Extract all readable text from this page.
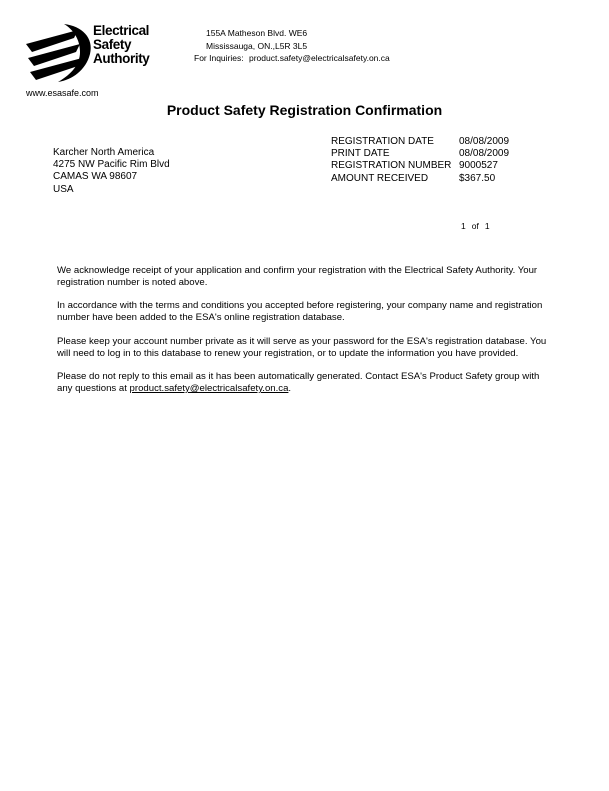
Electrical
Safety
Authority
155A Matheson Blvd. WE6
Mississauga, ON.,L5R 3L5
For Inquiries: product.safety@electricalsafety.on.ca
www.esasafe.com
Product Safety Registration Confirmation
Karcher North America
4275 NW Pacific Rim Blvd
CAMAS WA 98607
USA
REGISTRATION DATE	08/08/2009
PRINT DATE	08/08/2009
REGISTRATION NUMBER	9000527
AMOUNT RECEIVED	$367.50
1 of 1

We acknowledge receipt of your application and confirm your registration with the Electrical Safety Authority. Your registration number is noted above.

In accordance with the terms and conditions you accepted before registering, your company name and registration number have been added to the ESA's online registration database.

Please keep your account number private as it will serve as your password for the ESA's registration database. You will need to log in to this database to renew your registration, or to update the information you have provided.

Please do not reply to this email as it has been automatically generated. Contact ESA's Product Safety group with any questions at product.safety@electricalsafety.on.ca.
